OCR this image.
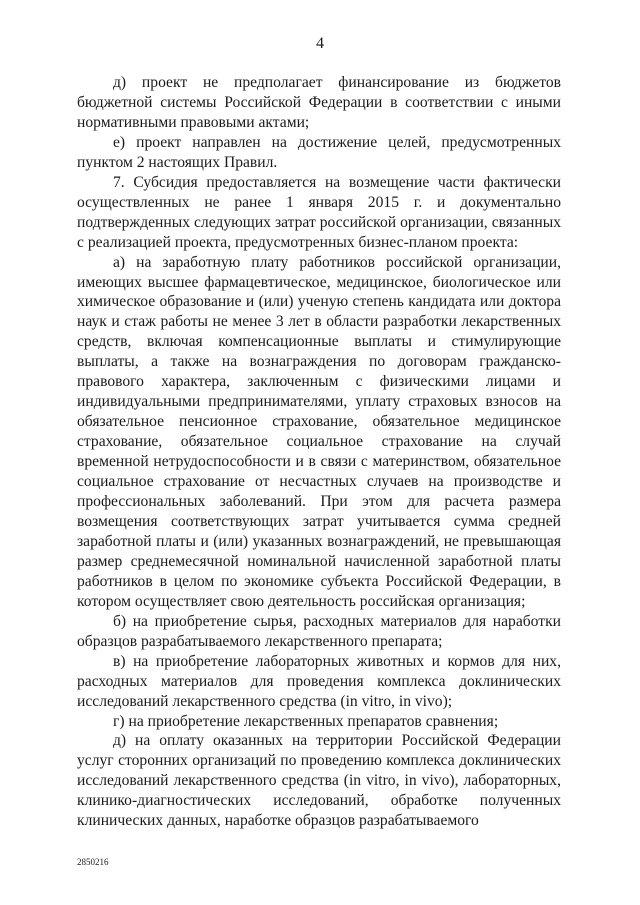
4

д) проект не предполагает финансирование из бюджетов бюджетной системы Российской Федерации в соответствии с иными нормативными правовыми актами;

е) проект направлен на достижение целей, предусмотренных пунктом 2 настоящих Правил.

7. Субсидия предоставляется на возмещение части фактически осуществленных не ранее 1 января 2015 г. и документально подтвержденных следующих затрат российской организации, связанных с реализацией проекта, предусмотренных бизнес-планом проекта:

а) на заработную плату работников российской организации, имеющих высшее фармацевтическое, медицинское, биологическое или химическое образование и (или) ученую степень кандидата или доктора наук и стаж работы не менее 3 лет в области разработки лекарственных средств, включая компенсационные выплаты и стимулирующие выплаты, а также на вознаграждения по договорам гражданско-правового характера, заключенным с физическими лицами и индивидуальными предпринимателями, уплату страховых взносов на обязательное пенсионное страхование, обязательное медицинское страхование, обязательное социальное страхование на случай временной нетрудоспособности и в связи с материнством, обязательное социальное страхование от несчастных случаев на производстве и профессиональных заболеваний. При этом для расчета размера возмещения соответствующих затрат учитывается сумма средней заработной платы и (или) указанных вознаграждений, не превышающая размер среднемесячной номинальной начисленной заработной платы работников в целом по экономике субъекта Российской Федерации, в котором осуществляет свою деятельность российская организация;

б) на приобретение сырья, расходных материалов для наработки образцов разрабатываемого лекарственного препарата;

в) на приобретение лабораторных животных и кормов для них, расходных материалов для проведения комплекса доклинических исследований лекарственного средства (in vitro, in vivo);

г) на приобретение лекарственных препаратов сравнения;

д) на оплату оказанных на территории Российской Федерации услуг сторонних организаций по проведению комплекса доклинических исследований лекарственного средства (in vitro, in vivo), лабораторных, клинико-диагностических исследований, обработке полученных клинических данных, наработке образцов разрабатываемого

2850216
